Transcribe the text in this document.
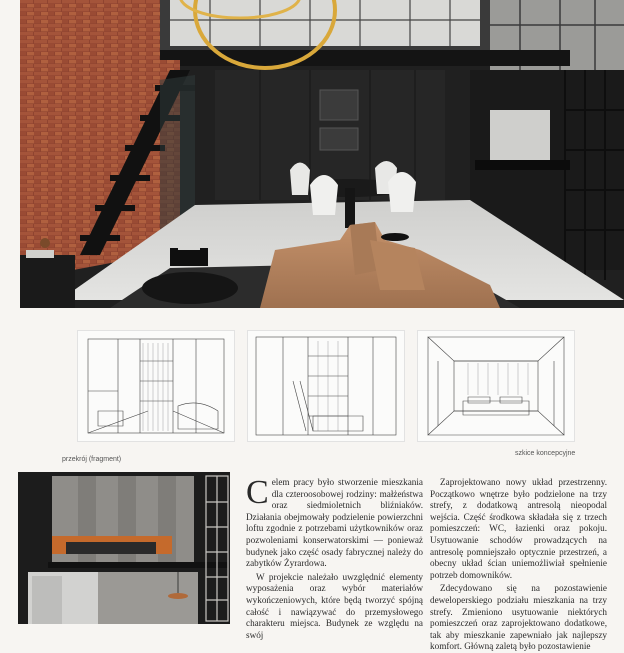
przekrój (fragment)
szkice koncepcyjne

Celem pracy było stworzenie mieszkania dla czteroosobowej rodziny: małżeństwa oraz siedmioletnich bliźniaków. Działania obejmowały podzielenie powierzchni loftu zgodnie z potrzebami użytkowników oraz pozwoleniami konserwatorskimi — ponieważ budynek jako część osady fabrycznej należy do zabytków Żyrardowa.

W projekcie należało uwzględnić elementy wyposażenia oraz wybór materiałów wykończeniowych, które będą tworzyć spójną całość i nawiązywać do przemysłowego charakteru miejsca. Budynek ze względu na swój

Zaprojektowano nowy układ przestrzenny. Początkowo wnętrze było podzielone na trzy strefy, z dodatkową antresolą nieopodal wejścia. Część środkowa składała się z trzech pomieszczeń: WC, łazienki oraz pokoju. Usytuowanie schodów prowadzących na antresolę pomniejszało optycznie przestrzeń, a obecny układ ścian uniemożliwiał spełnienie potrzeb domowników.

Zdecydowano się na pozostawienie deweloperskiego podziału mieszkania na trzy strefy. Zmieniono usytuowanie niektórych pomieszczeń oraz zaprojektowano dodatkowe, tak aby mieszkanie zapewniało jak najlepszy komfort. Główną zaletą było pozostawienie
